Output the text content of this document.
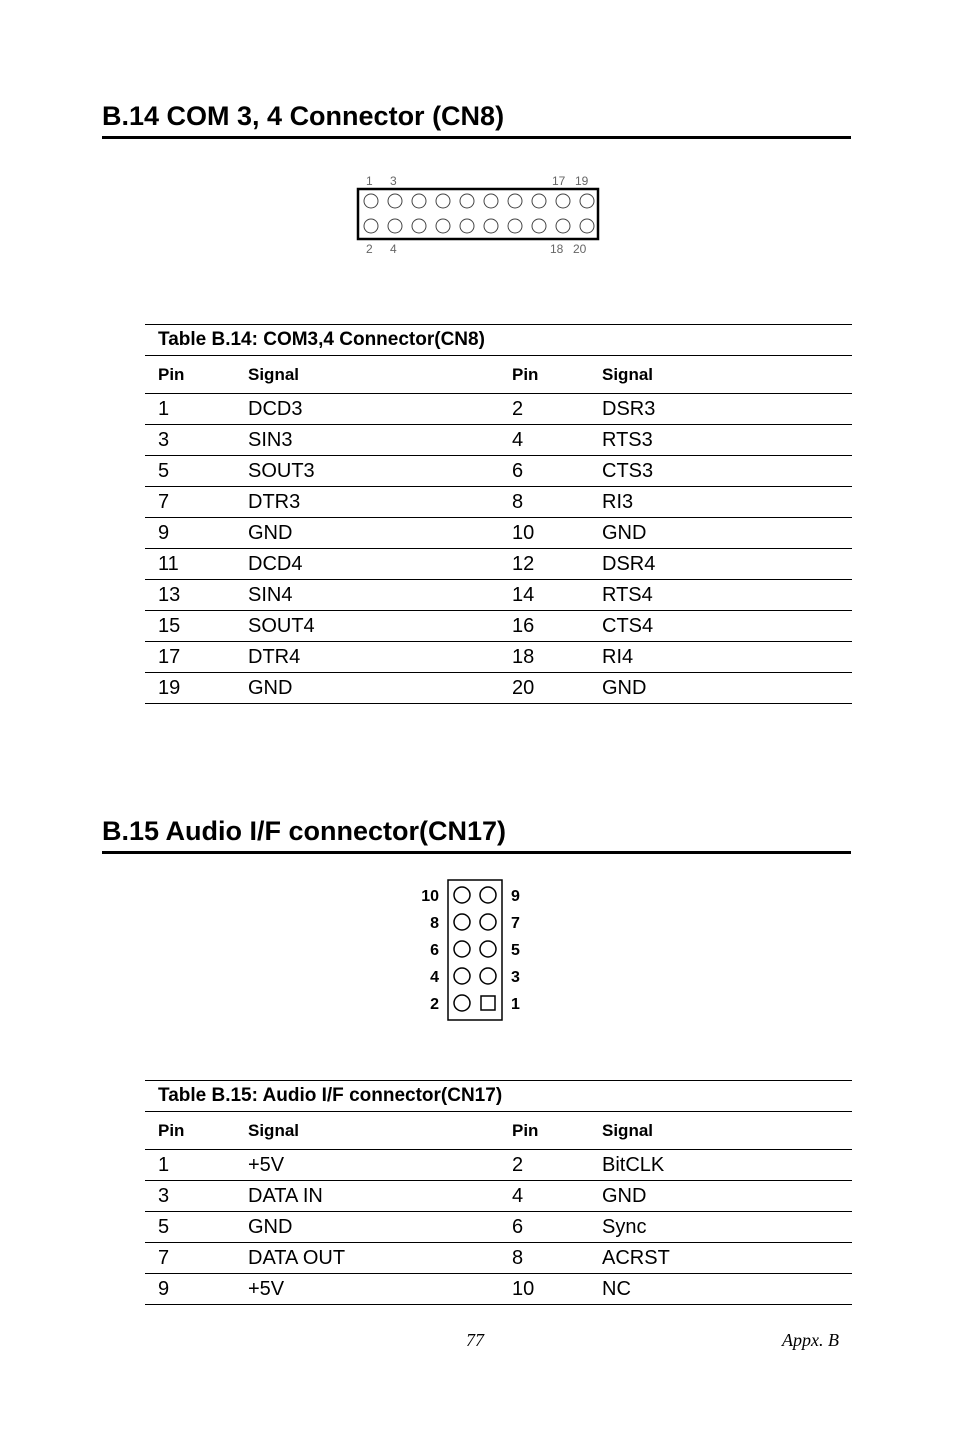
B.14 COM 3, 4 Connector (CN8)
1 3	17 19
2 4	18 20
Table B.14: COM3,4 Connector(CN8)			
Pin	Signal	Pin	Signal
1	DCD3	2	DSR3
3	SIN3	4	RTS3
5	SOUT3	6	CTS3
7	DTR3	8	RI3
9	GND	10	GND
11	DCD4	12	DSR4
13	SIN4	14	RTS4
15	SOUT4	16	CTS4
17	DTR4	18	RI4
19	GND	20	GND
B.15 Audio I/F connector(CN17)
10	9
8	7
6	5
4	3
2	1
Table B.15: Audio I/F connector(CN17)			
Pin	Signal	Pin	Signal
1	+5V	2	BitCLK
3	DATA IN	4	GND
5	GND	6	Sync
7	DATA OUT	8	ACRST
9	+5V	10	NC
77	Appx. B
